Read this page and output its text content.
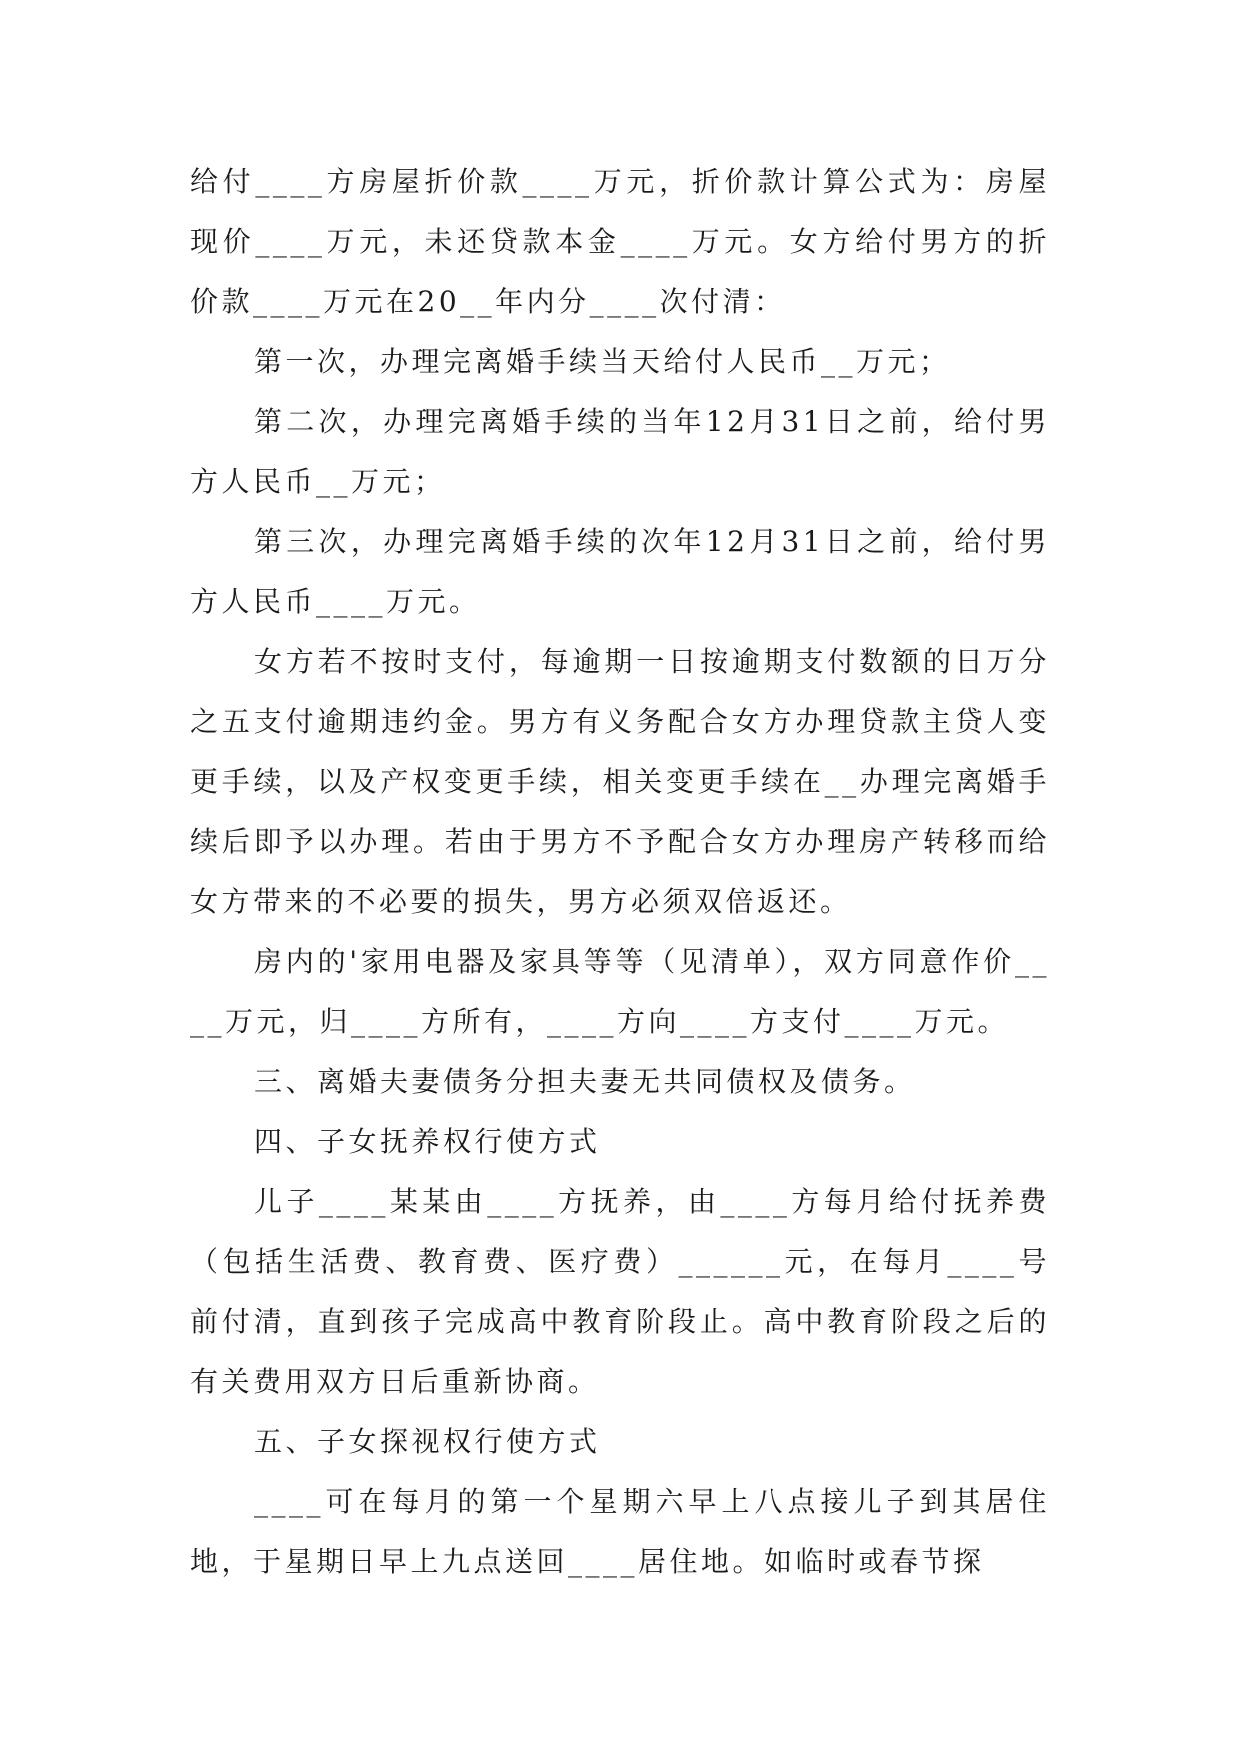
给付____方房屋折价款____万元，折价款计算公式为：房屋现价____万元，未还贷款本金____万元。女方给付男方的折价款____万元在20__年内分____次付清：

第一次，办理完离婚手续当天给付人民币__万元；

第二次，办理完离婚手续的当年12月31日之前，给付男方人民币__万元；

第三次，办理完离婚手续的次年12月31日之前，给付男方人民币____万元。

女方若不按时支付，每逾期一日按逾期支付数额的日万分之五支付逾期违约金。男方有义务配合女方办理贷款主贷人变更手续，以及产权变更手续，相关变更手续在__办理完离婚手续后即予以办理。若由于男方不予配合女方办理房产转移而给女方带来的不必要的损失，男方必须双倍返还。

房内的'家用电器及家具等等（见清单），双方同意作价____万元，归____方所有，____方向____方支付____万元。

三、离婚夫妻债务分担夫妻无共同债权及债务。

四、子女抚养权行使方式

儿子____某某由____方抚养，由____方每月给付抚养费（包括生活费、教育费、医疗费）______元，在每月____号前付清，直到孩子完成高中教育阶段止。高中教育阶段之后的有关费用双方日后重新协商。

五、子女探视权行使方式

____可在每月的第一个星期六早上八点接儿子到其居住地，于星期日早上九点送回____居住地。如临时或春节探
